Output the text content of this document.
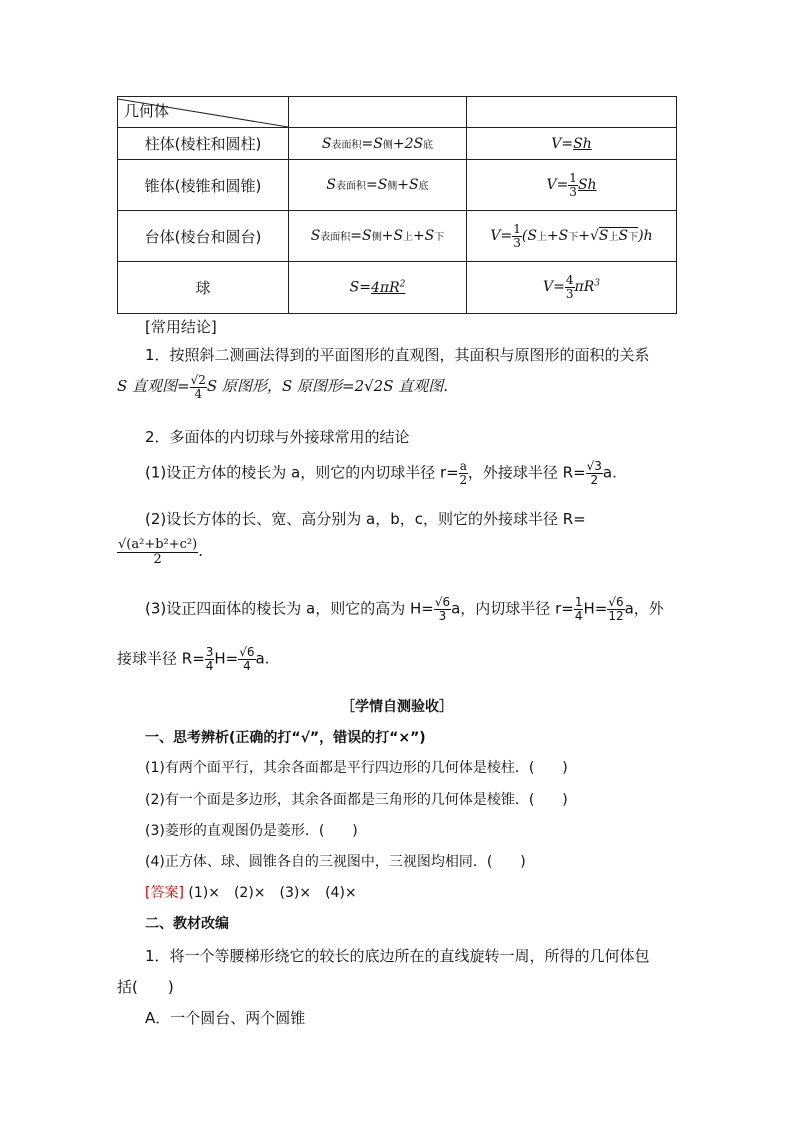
几何体		

柱体(棱柱和圆柱)	S表面积=S侧+2S底	V=Sh
锥体(棱锥和圆锥)	S表面积=S侧+S底	$V= \frac{1}{3}$ Sh
台体(棱台和圆台)	S表面积=S侧+S上+S下	$V= \frac{1}{3} (S$上+S下+√S上S下)h
球	$S=4\pi R^2$	$V= \frac{4}{3} \pi R^3$
[常用结论]
1．按照斜二测画法得到的平面图形的直观图，其面积与原图形的面积的关系
S 直观图= $\frac{√2}{4}$ S 原图形，S 原图形=2√2S 直观图.
2．多面体的内切球与外接球常用的结论
(1)设正方体的棱长为 a，则它的内切球半径 $r= \frac{a}{2}$ ，外接球半径 $R= \frac{√3}{2} a$.
(2)设长方体的长、宽、高分别为 a，b，c，则它的外接球半径 R=
$\frac{\text{√(a²+b²+c²)}}{2}$ .
(3)设正四面体的棱长为 a，则它的高为 $H= \frac{√6}{3}$ a，内切球半径 $r= \frac{1}{4} H= \frac{√6}{12}$ a，外
接球半径 $R= \frac{3}{4} H= \frac{√6}{4} a$.
［学情自测验收］
一、思考辨析(正确的打“√”，错误的打“×”)
(1)有两个面平行，其余各面都是平行四边形的几何体是棱柱．(　　)
(2)有一个面是多边形，其余各面都是三角形的几何体是棱锥．(　　)
(3)菱形的直观图仍是菱形．(　　)
(4)正方体、球、圆锥各自的三视图中，三视图均相同．(　　)
[答案] (1)×　(2)×　(3)×　(4)×
二、教材改编
1．将一个等腰梯形绕它的较长的底边所在的直线旋转一周，所得的几何体包
括(　　)
A．一个圆台、两个圆锥
